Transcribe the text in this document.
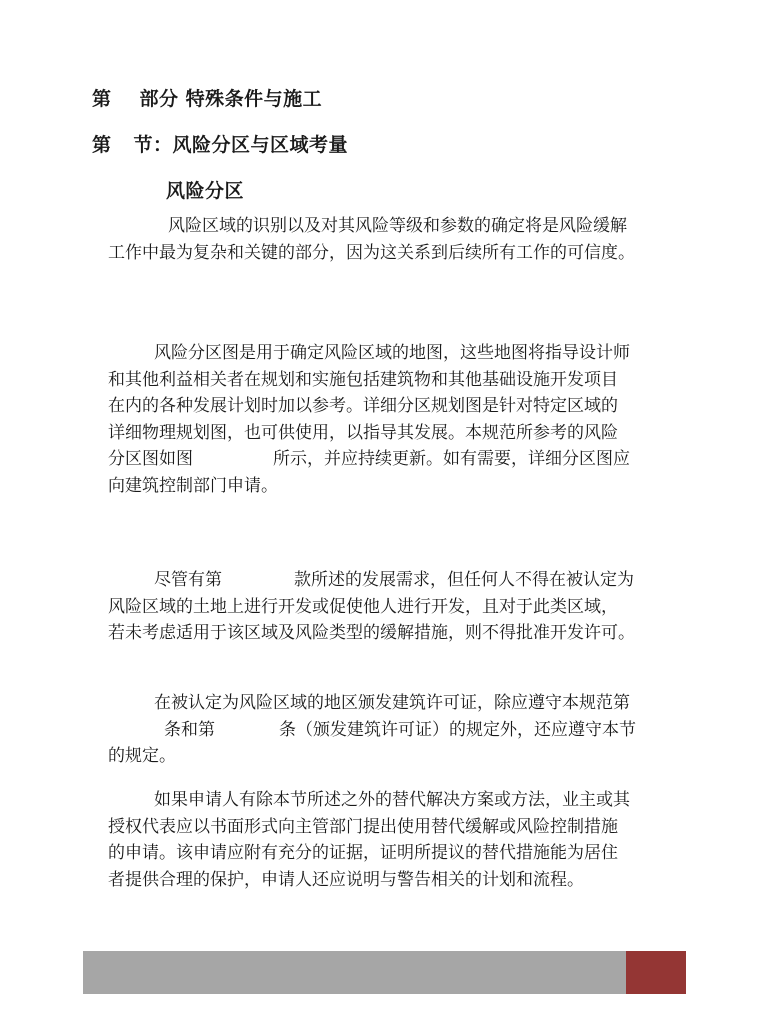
第 部分 特殊条件与施工
第 节：风险分区与区域考量
风险分区
风险区域的识别以及对其风险等级和参数的确定将是风险缓解
工作中最为复杂和关键的部分，因为这关系到后续所有工作的可信度。
风险分区图是用于确定风险区域的地图，这些地图将指导设计师
和其他利益相关者在规划和实施包括建筑物和其他基础设施开发项目
在内的各种发展计划时加以参考。详细分区规划图是针对特定区域的
详细物理规划图，也可供使用，以指导其发展。本规范所参考的风险
分区图如图	所示，并应持续更新。如有需要，详细分区图应
向建筑控制部门申请。
尽管有第	款所述的发展需求，但任何人不得在被认定为
风险区域的土地上进行开发或促使他人进行开发，且对于此类区域，
若未考虑适用于该区域及风险类型的缓解措施，则不得批准开发许可。
在被认定为风险区域的地区颁发建筑许可证，除应遵守本规范第
条和第	条（颁发建筑许可证）的规定外，还应遵守本节
的规定。
如果申请人有除本节所述之外的替代解决方案或方法，业主或其
授权代表应以书面形式向主管部门提出使用替代缓解或风险控制措施
的申请。该申请应附有充分的证据，证明所提议的替代措施能为居住
者提供合理的保护，申请人还应说明与警告相关的计划和流程。
